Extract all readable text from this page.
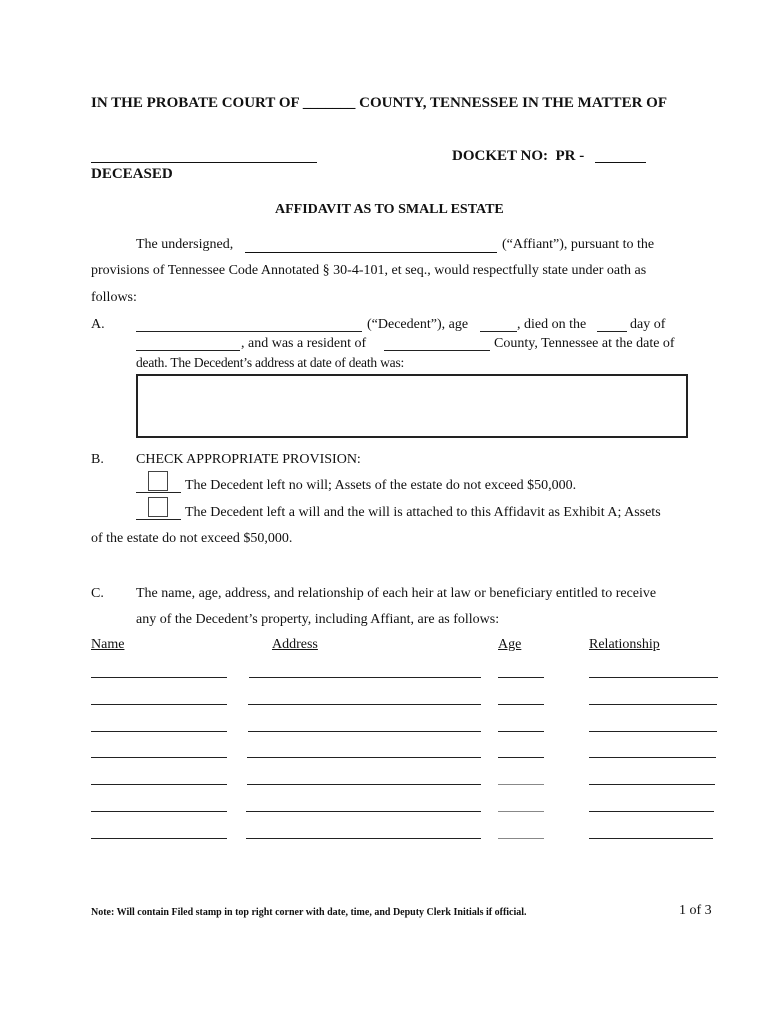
IN THE PROBATE COURT OF _______ COUNTY, TENNESSEE IN THE MATTER OF
DOCKET NO: PR -
DECEASED
AFFIDAVIT AS TO SMALL ESTATE
The undersigned,	(“Affiant”), pursuant to the
provisions of Tennessee Code Annotated § 30-4-101, et seq., would respectfully state under oath as
follows:
A.	(“Decedent”), age	, died on the	day of
, and was a resident of	County, Tennessee at the date of
death. The Decedent’s address at date of death was:
B. CHECK APPROPRIATE PROVISION:
The Decedent left no will; Assets of the estate do not exceed $50,000.
The Decedent left a will and the will is attached to this Affidavit as Exhibit A; Assets
of the estate do not exceed $50,000.
C. The name, age, address, and relationship of each heir at law or beneficiary entitled to receive
any of the Decedent’s property, including Affiant, are as follows:
Name	Address	Age	Relationship
Note: Will contain Filed stamp in top right corner with date, time, and Deputy Clerk Initials if official.	1 of 3
